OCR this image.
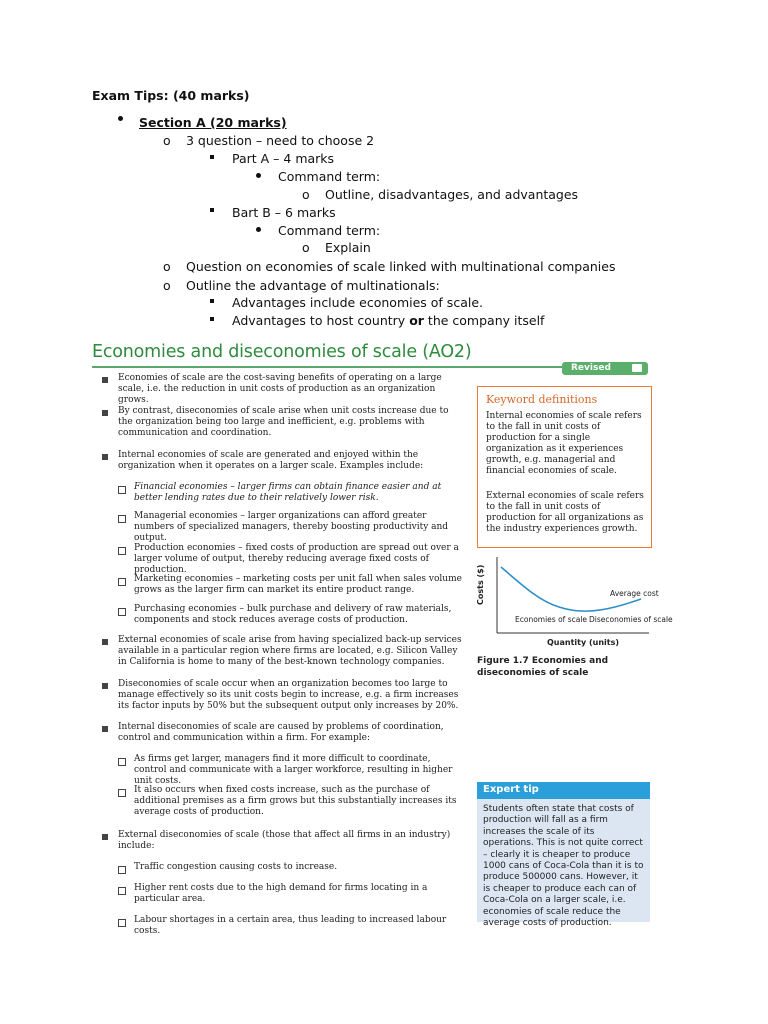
Exam Tips: (40 marks)
Section A (20 marks)
o 3 question – need to choose 2
Part A – 4 marks
Command term:
o Outline, disadvantages, and advantages
Bart B – 6 marks
Command term:
o Explain
o Question on economies of scale linked with multinational companies
o Outline the advantage of multinationals:
Advantages include economies of scale.
Advantages to host country or the company itself
Economies and diseconomies of scale (AO2)
Revised
Economies of scale are the cost-saving benefits of operating on a large scale, i.e. the reduction in unit costs of production as an organization grows.
By contrast, diseconomies of scale arise when unit costs increase due to the organization being too large and inefficient, e.g. problems with communication and coordination.
Internal economies of scale are generated and enjoyed within the organization when it operates on a larger scale. Examples include:
Financial economies – larger firms can obtain finance easier and at better lending rates due to their relatively lower risk.
Managerial economies – larger organizations can afford greater numbers of specialized managers, thereby boosting productivity and output.
Production economies – fixed costs of production are spread out over a larger volume of output, thereby reducing average fixed costs of production.
Marketing economies – marketing costs per unit fall when sales volume grows as the larger firm can market its entire product range.
Purchasing economies – bulk purchase and delivery of raw materials, components and stock reduces average costs of production.
External economies of scale arise from having specialized back-up services available in a particular region where firms are located, e.g. Silicon Valley in California is home to many of the best-known technology companies.
Diseconomies of scale occur when an organization becomes too large to manage effectively so its unit costs begin to increase, e.g. a firm increases its factor inputs by 50% but the subsequent output only increases by 20%.
Internal diseconomies of scale are caused by problems of coordination, control and communication within a firm. For example:
As firms get larger, managers find it more difficult to coordinate, control and communicate with a larger workforce, resulting in higher unit costs.
It also occurs when fixed costs increase, such as the purchase of additional premises as a firm grows but this substantially increases its average costs of production.
External diseconomies of scale (those that affect all firms in an industry) include:
Traffic congestion causing costs to increase.
Higher rent costs due to the high demand for firms locating in a particular area.
Labour shortages in a certain area, thus leading to increased labour costs.
Keyword definitions
Internal economies of scale refers to the fall in unit costs of production for a single organization as it experiences growth, e.g. managerial and financial economies of scale.
External economies of scale refers to the fall in unit costs of production for all organizations as the industry experiences growth.
Costs ($)	Average cost
Economies of scale Diseconomies of scale
Quantity (units)
Figure 1.7 Economies and diseconomies of scale
Expert tip
Students often state that costs of production will fall as a firm increases the scale of its operations. This is not quite correct – clearly it is cheaper to produce 1000 cans of Coca-Cola than it is to produce 500000 cans. However, it is cheaper to produce each can of Coca-Cola on a larger scale, i.e. economies of scale reduce the average costs of production.
